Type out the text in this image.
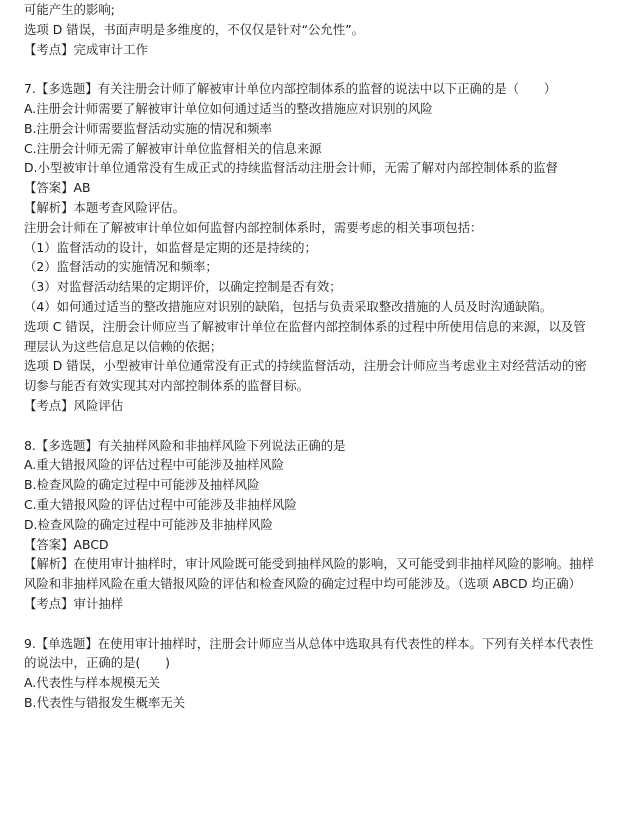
可能产生的影响;
选项 D 错误，书面声明是多维度的，不仅仅是针对“公允性”。
【考点】完成审计工作
7.【多选题】有关注册会计师了解被审计单位内部控制体系的监督的说法中以下正确的是（　　）
A.注册会计师需要了解被审计单位如何通过适当的整改措施应对识别的风险
B.注册会计师需要监督活动实施的情况和频率
C.注册会计师无需了解被审计单位监督相关的信息来源
D.小型被审计单位通常没有生成正式的持续监督活动注册会计师，无需了解对内部控制体系的监督
【答案】AB
【解析】本题考查风险评估。
注册会计师在了解被审计单位如何监督内部控制体系时，需要考虑的相关事项包括：
（1）监督活动的设计，如监督是定期的还是持续的；
（2）监督活动的实施情况和频率；
（3）对监督活动结果的定期评价，以确定控制是否有效；
（4）如何通过适当的整改措施应对识别的缺陷，包括与负责采取整改措施的人员及时沟通缺陷。
选项 C 错误，注册会计师应当了解被审计单位在监督内部控制体系的过程中所使用信息的来源，以及管理层认为这些信息足以信赖的依据；
选项 D 错误，小型被审计单位通常没有正式的持续监督活动，注册会计师应当考虑业主对经营活动的密切参与能否有效实现其对内部控制体系的监督目标。
【考点】风险评估
8.【多选题】有关抽样风险和非抽样风险下列说法正确的是
A.重大错报风险的评估过程中可能涉及抽样风险
B.检查风险的确定过程中可能涉及抽样风险
C.重大错报风险的评估过程中可能涉及非抽样风险
D.检查风险的确定过程中可能涉及非抽样风险
【答案】ABCD
【解析】在使用审计抽样时，审计风险既可能受到抽样风险的影响，又可能受到非抽样风险的影响。抽样
风险和非抽样风险在重大错报风险的评估和检查风险的确定过程中均可能涉及。（选项 ABCD 均正确）
【考点】审计抽样
9.【单选题】在使用审计抽样时，注册会计师应当从总体中选取具有代表性的样本。下列有关样本代表性的说法中，正确的是(　　)
A.代表性与样本规模无关
B.代表性与错报发生概率无关
